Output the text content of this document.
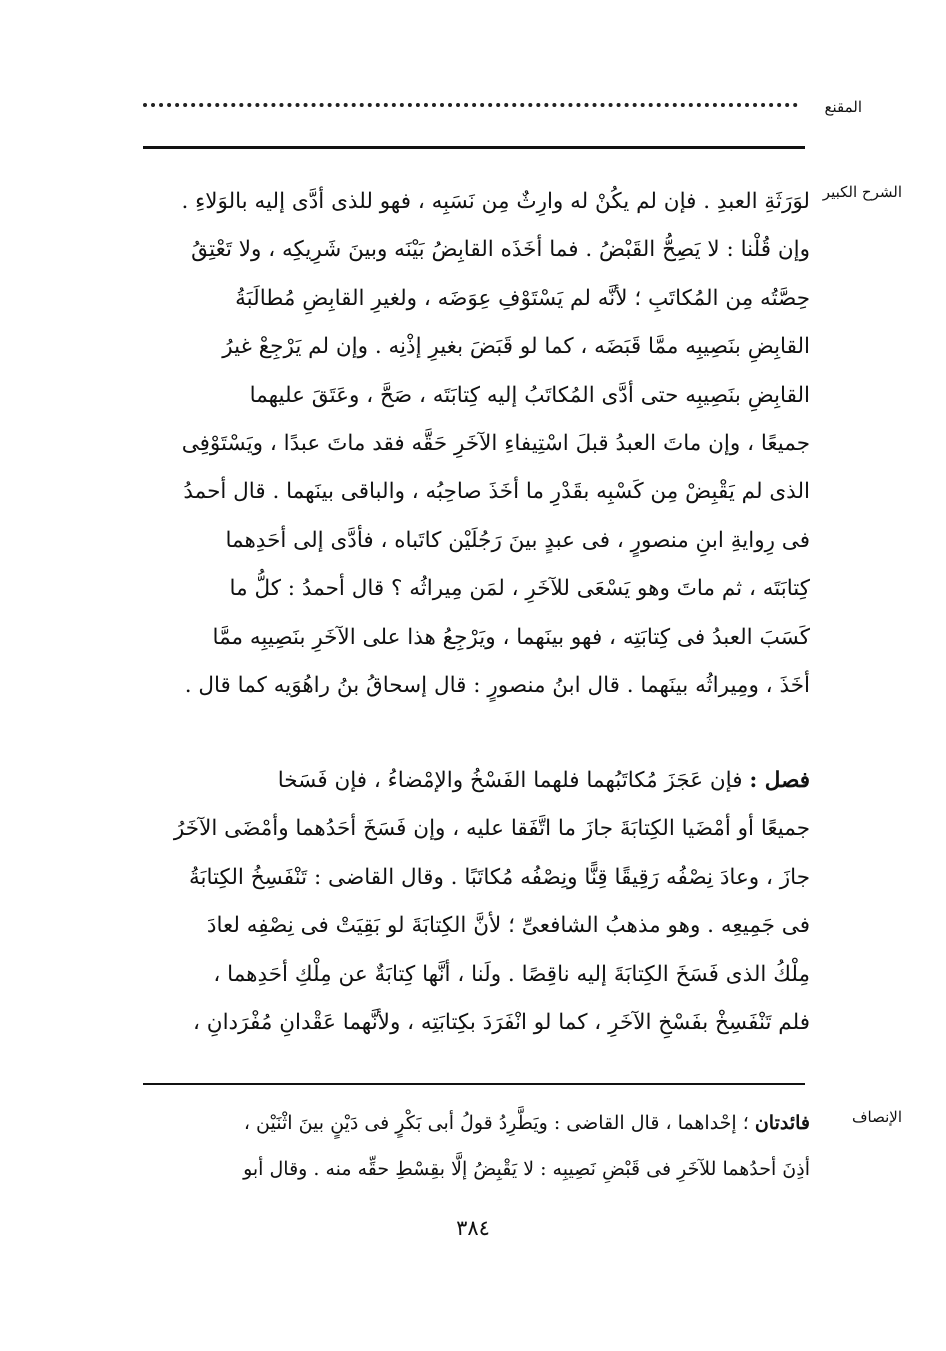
المقنع
الشرح الكبير
لوَرَثَةِ العبدِ . فإن لم يكُنْ له وارِثٌ مِن نَسَبِه ، فهو للذى أدَّى إليه بالوَلاءِ .
وإن قُلْنا : لا يَصِحُّ القَبْضُ . فما أخَذَه القابِضُ بَيْنَه وبينَ شَرِيكِه ، ولا تَعْتِقُ
حِصَّتُه مِن المُكاتَبِ ؛ لأنَّه لم يَسْتَوْفِ عِوَضَه ، ولغيرِ القابِضِ مُطالَبَةُ
القابِضِ بنَصِيبِه ممَّا قَبَضَه ، كما لو قَبَضَ بغيرِ إذْنِه . وإن لم يَرْجِعْ غيرُ
القابِضِ بنَصِيبِه حتى أدَّى المُكاتَبُ إليه كِتابَتَه ، صَحَّ ، وعَتَقَ عليهما
جميعًا ، وإن ماتَ العبدُ قبلَ اسْتِيفاءِ الآخَرِ حَقَّه فقد ماتَ عبدًا ، ويَسْتَوْفِى
الذى لم يَقْبِضْ مِن كَسْبِه بقَدْرِ ما أخَذَ صاحِبُه ، والباقى بينَهما . قال أحمدُ
فى رِوايةِ ابنِ منصورٍ ، فى عبدٍ بينَ رَجُلَيْن كاتَباه ، فأدَّى إلى أحَدِهما
كِتابَتَه ، ثم ماتَ وهو يَسْعَى للآخَرِ ، لمَن مِيراثُه ؟ قال أحمدُ : كلُّ ما
كَسَبَ العبدُ فى كِتابَتِه ، فهو بينَهما ، ويَرْجِعُ هذا على الآخَرِ بنَصِيبِه ممَّا
أخَذَ ، ومِيراثُه بينَهما . قال ابنُ منصورٍ : قال إسحاقُ بنُ راهُوَيه كما قال .
فصل : فإن عَجَزَ مُكاتَبُهما فلهما الفَسْخُ والإمْضاءُ ، فإن فَسَخا
جميعًا أو أمْضَيا الكِتابَةَ جازَ ما اتَّفَقا عليه ، وإن فَسَخَ أحَدُهما وأمْضَى الآخَرُ
جازَ ، وعادَ نِصْفُه رَقِيقًا قِنًّا ونِصْفُه مُكاتَبًا . وقال القاضى : تَنْفَسِخُ الكِتابَةُ
فى جَمِيعِه . وهو مذهبُ الشافعىِّ ؛ لأنَّ الكِتابَةَ لو بَقِيَتْ فى نِصْفِه لعادَ
مِلْكُ الذى فَسَخَ الكِتابَةَ إليه ناقِصًا . ولَنا ، أنَّها كِتابَةٌ عن مِلْكِ أحَدِهما ،
فلم تَنْفَسِخْ بفَسْخِ الآخَرِ ، كما لو انْفَرَدَ بكِتابَتِه ، ولأنَّهما عَقْدانِ مُفْرَدانِ ،
الإنصاف
فائدتان ؛ إحْداهما ، قال القاضى : ويَطَّرِدُ قولُ أبى بَكْرٍ فى دَيْنٍ بينَ اثْنَيْن ،
أذِنَ أحدُهما للآخَرِ فى قَبْضِ نَصِيبِه : لا يَقْبِضُ إلَّا بقِسْطِ حقِّه منه . وقال أبو
٣٨٤
